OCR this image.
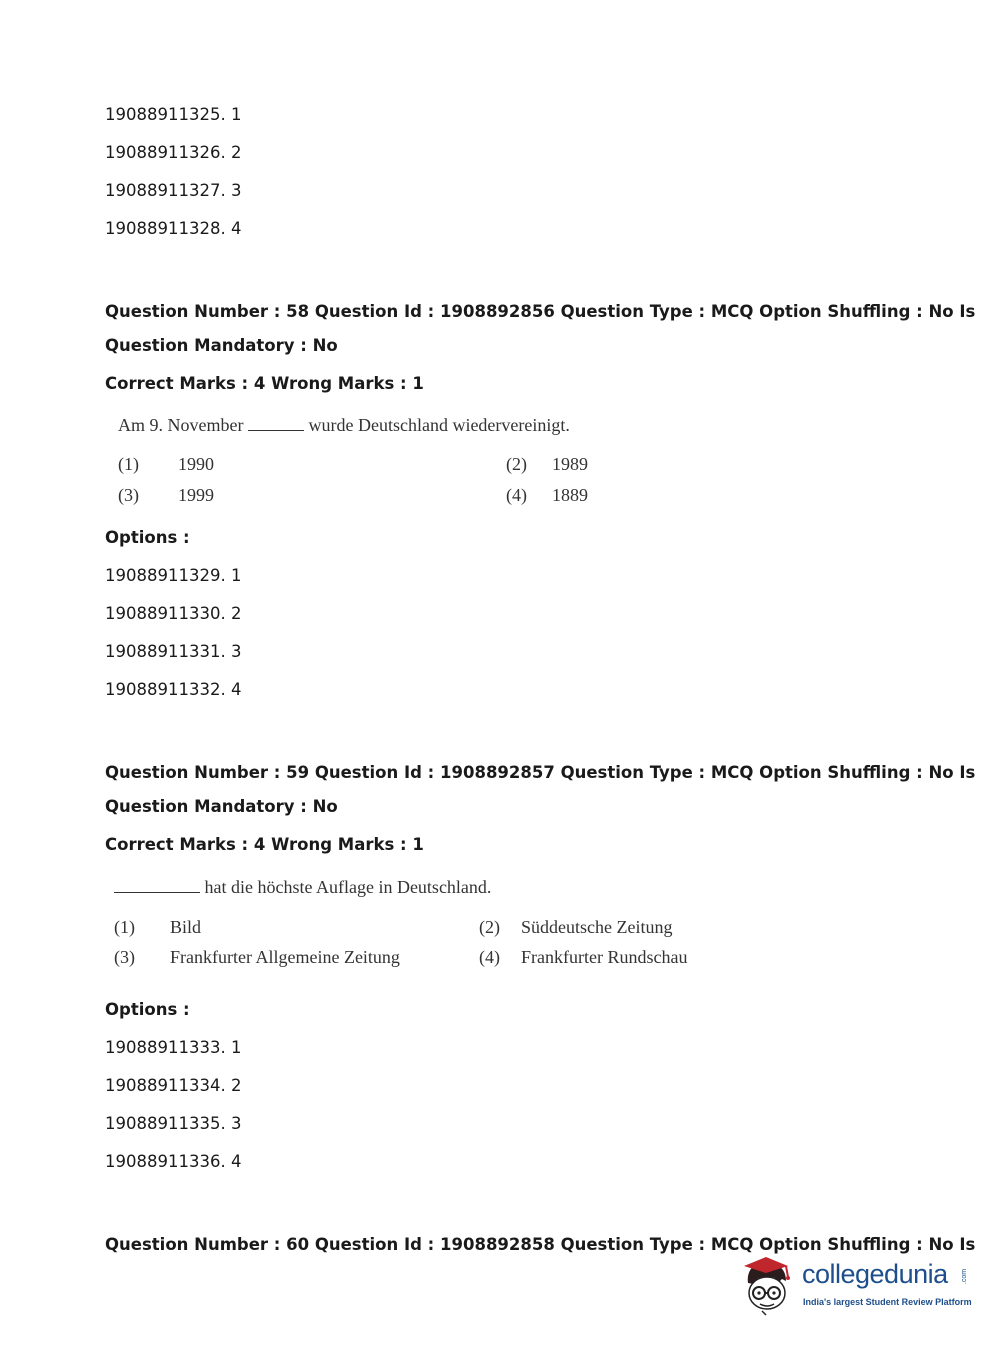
19088911325. 1
19088911326. 2
19088911327. 3
19088911328. 4
Question Number : 58 Question Id : 1908892856 Question Type : MCQ Option Shuffling : No Is
Question Mandatory : No
Correct Marks : 4 Wrong Marks : 1
Am 9. November	wurde Deutschland wiedervereinigt.
(1) 1990	(2) 1989
(3) 1999	(4) 1889
Options :
19088911329. 1
19088911330. 2
19088911331. 3
19088911332. 4
Question Number : 59 Question Id : 1908892857 Question Type : MCQ Option Shuffling : No Is
Question Mandatory : No
Correct Marks : 4 Wrong Marks : 1
hat die höchste Auflage in Deutschland.
(1) Bild	(2) Süddeutsche Zeitung
(3) Frankfurter Allgemeine Zeitung	(4) Frankfurter Rundschau
Options :
19088911333. 1
19088911334. 2
19088911335. 3
19088911336. 4
Question Number : 60 Question Id : 1908892858 Question Type : MCQ Option Shuffling : No Is
collegedunia .com
India's largest Student Review Platform
